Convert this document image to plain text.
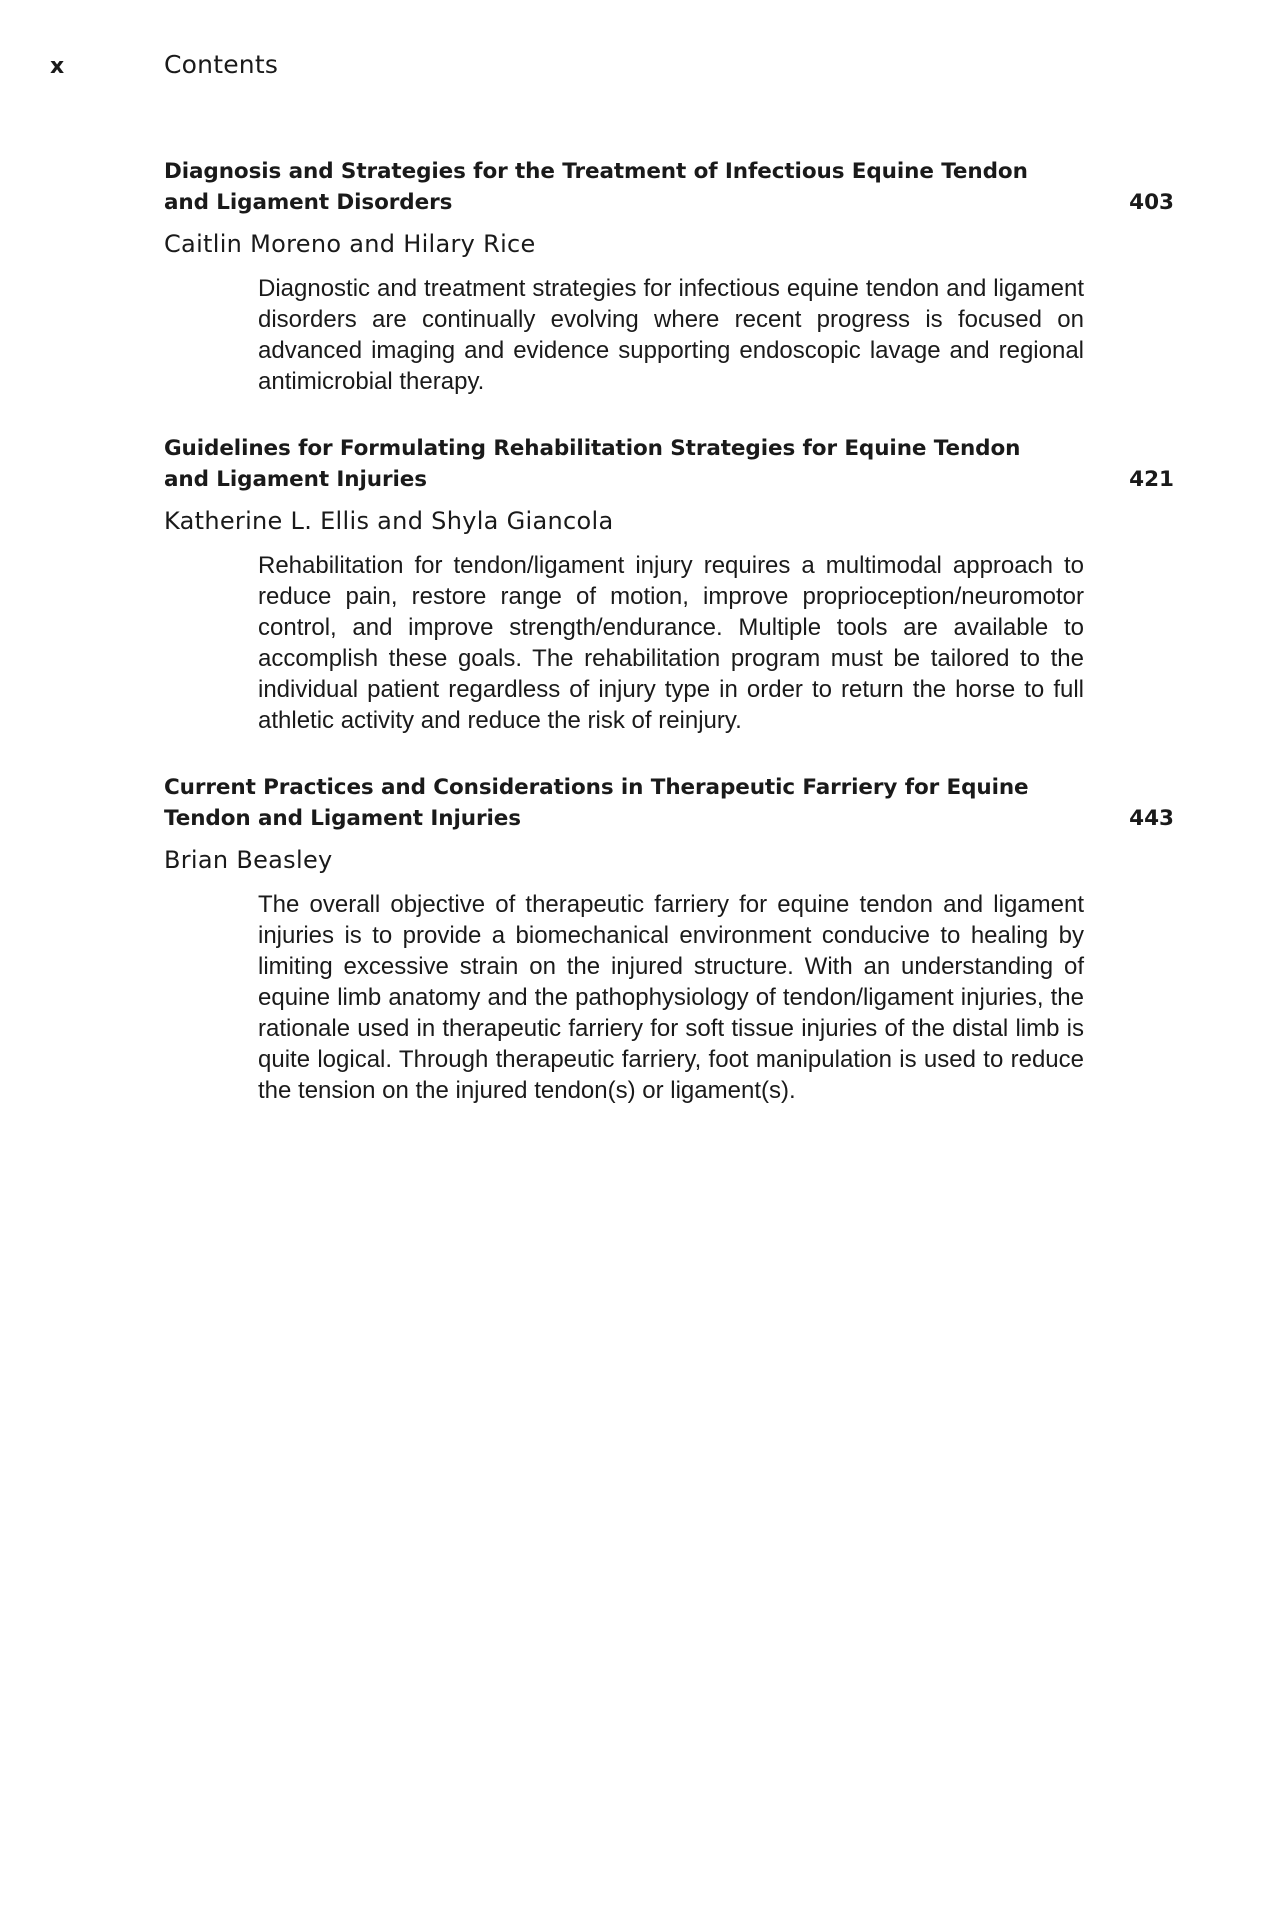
x	Contents
Diagnosis and Strategies for the Treatment of Infectious Equine Tendon and Ligament Disorders	403
Caitlin Moreno and Hilary Rice
Diagnostic and treatment strategies for infectious equine tendon and ligament disorders are continually evolving where recent progress is focused on advanced imaging and evidence supporting endoscopic lavage and regional antimicrobial therapy.
Guidelines for Formulating Rehabilitation Strategies for Equine Tendon and Ligament Injuries	421
Katherine L. Ellis and Shyla Giancola
Rehabilitation for tendon/ligament injury requires a multimodal approach to reduce pain, restore range of motion, improve proprioception/neuromotor control, and improve strength/endurance. Multiple tools are available to accomplish these goals. The rehabilitation program must be tailored to the individual patient regardless of injury type in order to return the horse to full athletic activity and reduce the risk of reinjury.
Current Practices and Considerations in Therapeutic Farriery for Equine Tendon and Ligament Injuries	443
Brian Beasley
The overall objective of therapeutic farriery for equine tendon and ligament injuries is to provide a biomechanical environment conducive to healing by limiting excessive strain on the injured structure. With an understanding of equine limb anatomy and the pathophysiology of tendon/ligament injuries, the rationale used in therapeutic farriery for soft tissue injuries of the distal limb is quite logical. Through therapeutic farriery, foot manipulation is used to reduce the tension on the injured tendon(s) or ligament(s).
